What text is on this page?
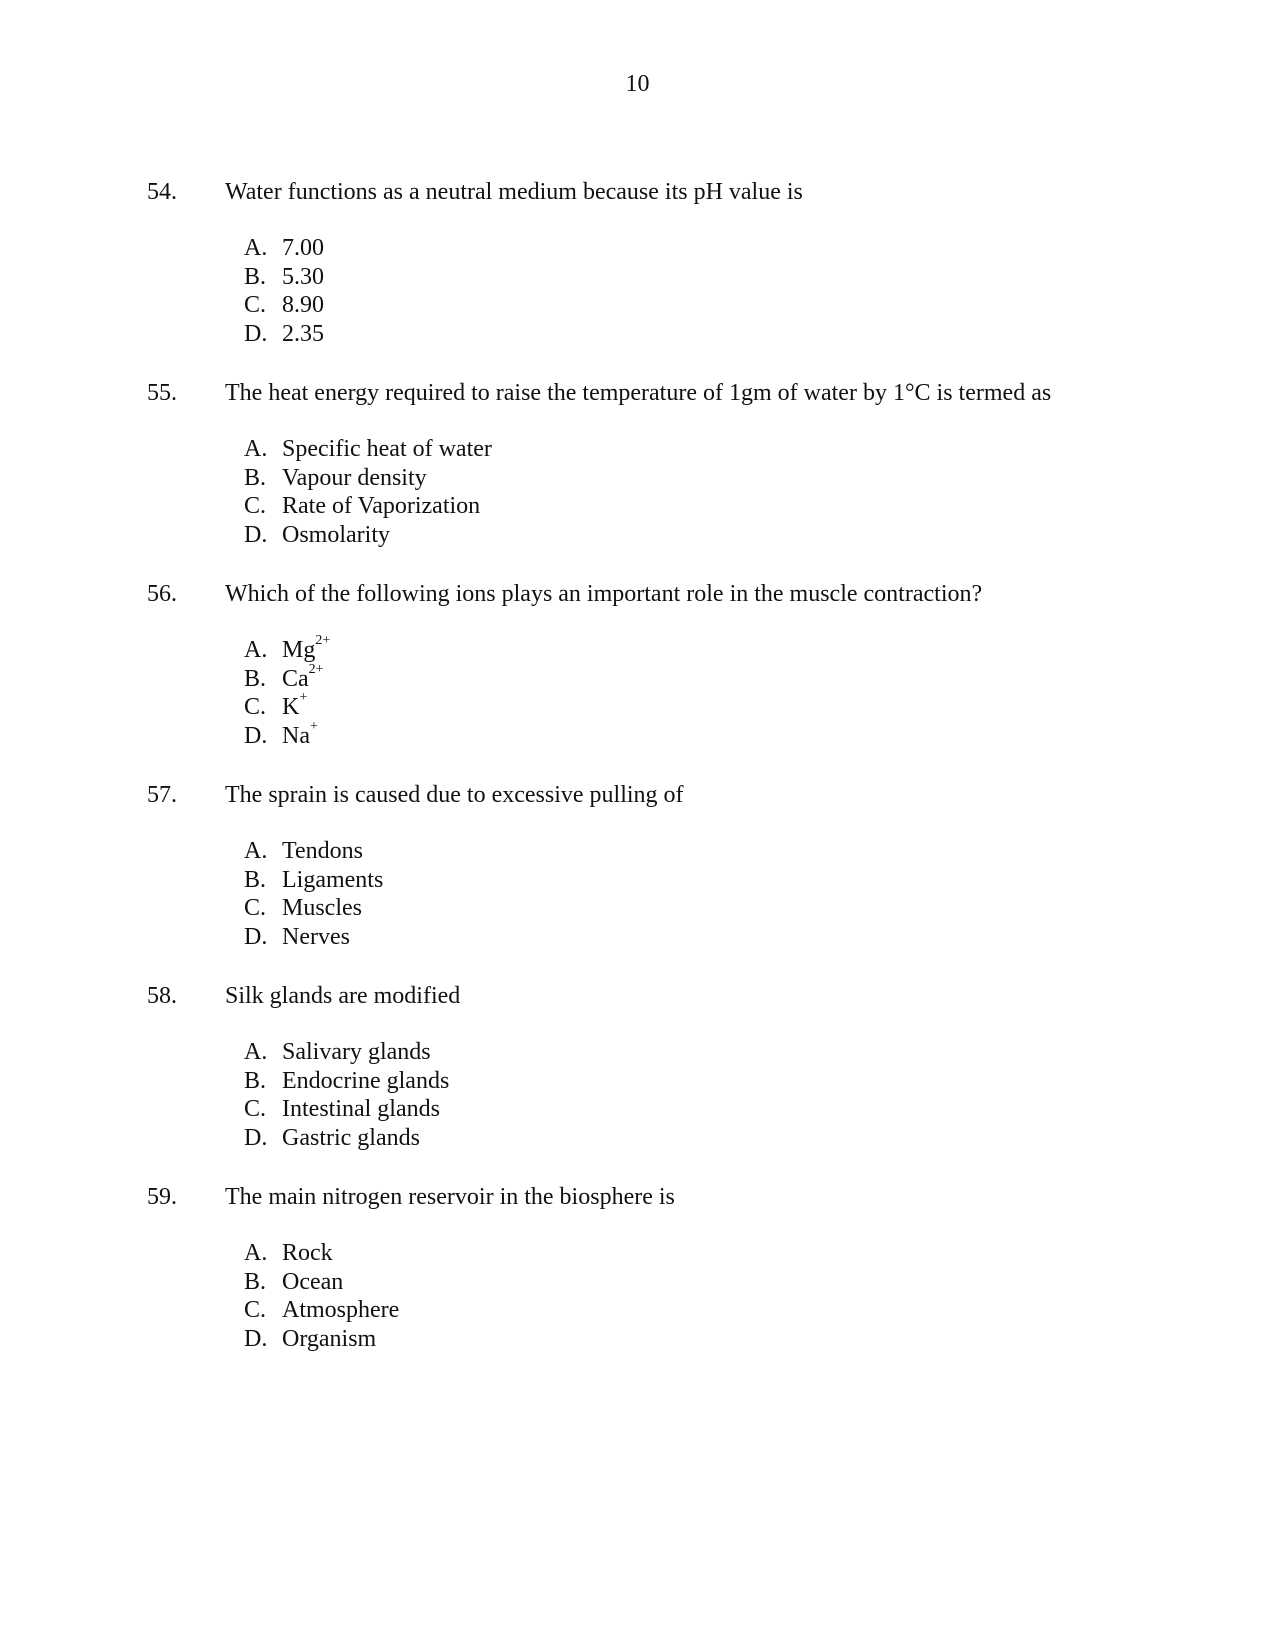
10
54. Water functions as a neutral medium because its pH value is
A. 7.00
B. 5.30
C. 8.90
D. 2.35
55. The heat energy required to raise the temperature of 1gm of water by 1°C is termed as
A. Specific heat of water
B. Vapour density
C. Rate of Vaporization
D. Osmolarity
56. Which of the following ions plays an important role in the muscle contraction?
A. $Mg^{2+}$
B. $Ca^{2+}$
C. K+
D. Na+
57. The sprain is caused due to excessive pulling of
A. Tendons
B. Ligaments
C. Muscles
D. Nerves
58. Silk glands are modified
A. Salivary glands
B. Endocrine glands
C. Intestinal glands
D. Gastric glands
59. The main nitrogen reservoir in the biosphere is
A. Rock
B. Ocean
C. Atmosphere
D. Organism
